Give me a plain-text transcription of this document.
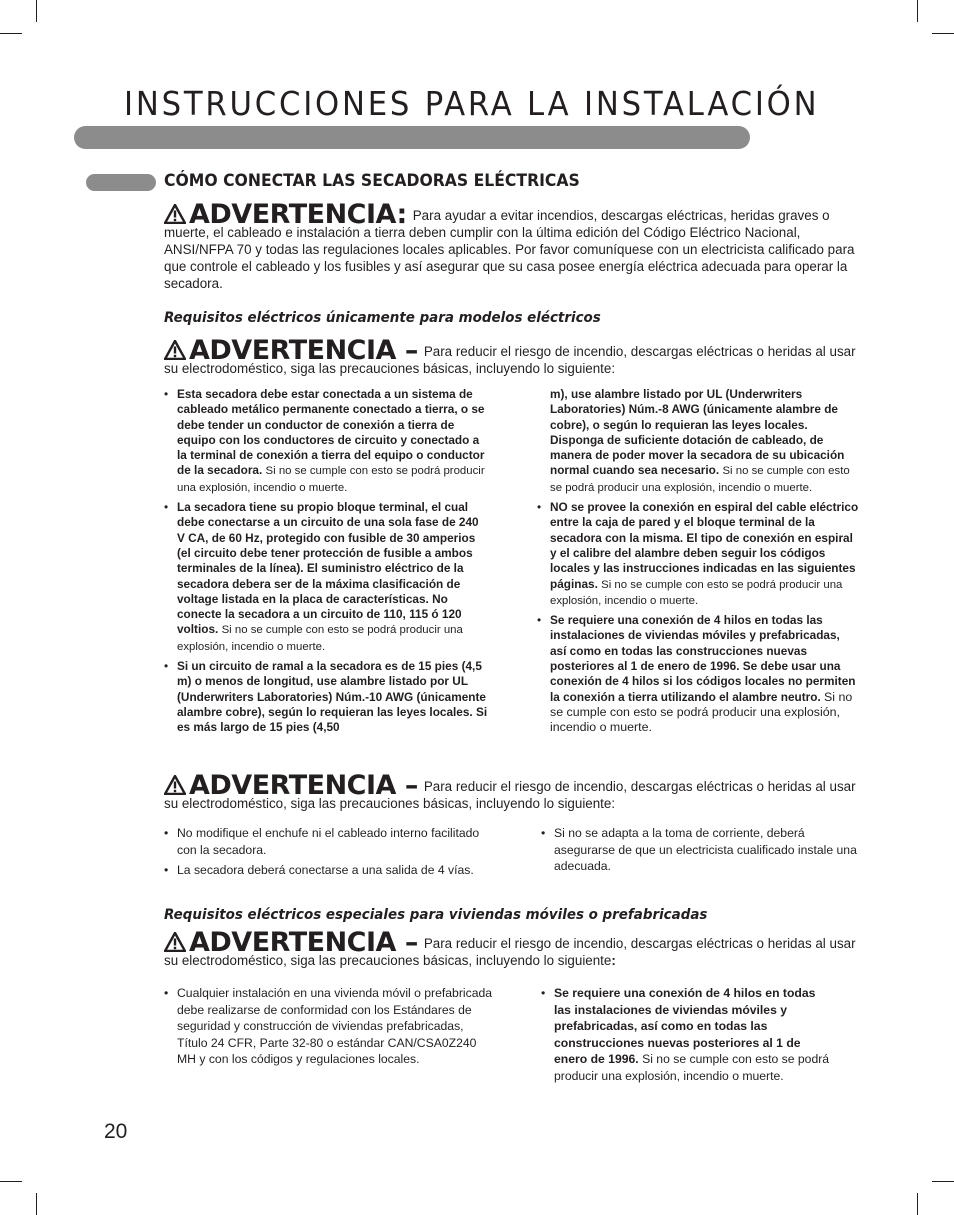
INSTRUCCIONES PARA LA INSTALACIÓN
CÓMO CONECTAR LAS SECADORAS ELÉCTRICAS

ADVERTENCIA: Para ayudar a evitar incendios, descargas eléctricas, heridas graves o muerte, el cableado e instalación a tierra deben cumplir con la última edición del Código Eléctrico Nacional, ANSI/NFPA 70 y todas las regulaciones locales aplicables. Por favor comuníquese con un electricista calificado para que controle el cableado y los fusibles y así asegurar que su casa posee energía eléctrica adecuada para operar la secadora.

Requisitos eléctricos únicamente para modelos eléctricos

ADVERTENCIA – Para reducir el riesgo de incendio, descargas eléctricas o heridas al usar su electrodoméstico, siga las precauciones básicas, incluyendo lo siguiente:

• Esta secadora debe estar conectada a un sistema de cableado metálico permanente conectado a tierra, o se debe tender un conductor de conexión a tierra de equipo con los conductores de circuito y conectado a la terminal de conexión a tierra del equipo o conductor de la secadora. Si no se cumple con esto se podrá producir una explosión, incendio o muerte.
• La secadora tiene su propio bloque terminal, el cual debe conectarse a un circuito de una sola fase de 240 V CA, de 60 Hz, protegido con fusible de 30 amperios (el circuito debe tener protección de fusible a ambos terminales de la línea). El suministro eléctrico de la secadora debera ser de la máxima clasificación de voltage listada en la placa de características. No conecte la secadora a un circuito de 110, 115 ó 120 voltios. Si no se cumple con esto se podrá producir una explosión, incendio o muerte.
• Si un circuito de ramal a la secadora es de 15 pies (4,5 m) o menos de longitud, use alambre listado por UL (Underwriters Laboratories) Núm.-10 AWG (únicamente alambre cobre), según lo requieran las leyes locales. Si es más largo de 15 pies (4,50
m), use alambre listado por UL (Underwriters Laboratories) Núm.-8 AWG (únicamente alambre de cobre), o según lo requieran las leyes locales. Disponga de suficiente dotación de cableado, de manera de poder mover la secadora de su ubicación normal cuando sea necesario. Si no se cumple con esto se podrá producir una explosión, incendio o muerte.
• NO se provee la conexión en espiral del cable eléctrico entre la caja de pared y el bloque terminal de la secadora con la misma. El tipo de conexión en espiral y el calibre del alambre deben seguir los códigos locales y las instrucciones indicadas en las siguientes páginas. Si no se cumple con esto se podrá producir una explosión, incendio o muerte.
• Se requiere una conexión de 4 hilos en todas las instalaciones de viviendas móviles y prefabricadas, así como en todas las construcciones nuevas posteriores al 1 de enero de 1996. Se debe usar una conexión de 4 hilos si los códigos locales no permiten la conexión a tierra utilizando el alambre neutro. Si no se cumple con esto se podrá producir una explosión, incendio o muerte.

ADVERTENCIA – Para reducir el riesgo de incendio, descargas eléctricas o heridas al usar su electrodoméstico, siga las precauciones básicas, incluyendo lo siguiente:

• No modifique el enchufe ni el cableado interno facilitado con la secadora.
• La secadora deberá conectarse a una salida de 4 vías.
• Si no se adapta a la toma de corriente, deberá asegurarse de que un electricista cualificado instale una adecuada.

Requisitos eléctricos especiales para viviendas móviles o prefabricadas

ADVERTENCIA – Para reducir el riesgo de incendio, descargas eléctricas o heridas al usar su electrodoméstico, siga las precauciones básicas, incluyendo lo siguiente:

• Cualquier instalación en una vivienda móvil o prefabricada debe realizarse de conformidad con los Estándares de seguridad y construcción de viviendas prefabricadas, Título 24 CFR, Parte 32-80 o estándar CAN/CSA0Z240 MH y con los códigos y regulaciones locales.
• Se requiere una conexión de 4 hilos en todas las instalaciones de viviendas móviles y prefabricadas, así como en todas las construcciones nuevas posteriores al 1 de enero de 1996. Si no se cumple con esto se podrá producir una explosión, incendio o muerte.

20
